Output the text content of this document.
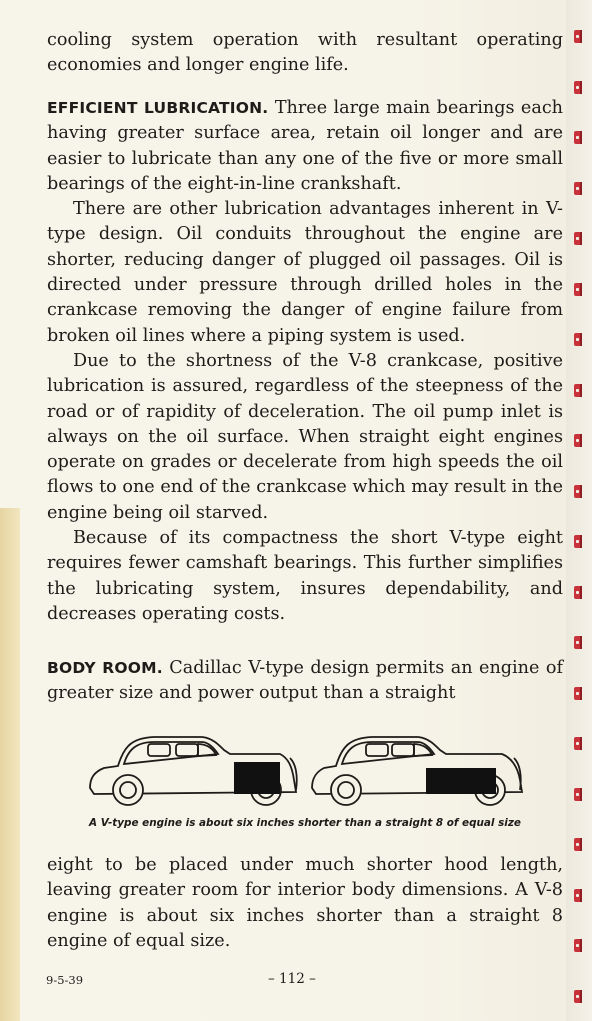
cooling system operation with resultant operating economies and longer engine life.

EFFICIENT LUBRICATION. Three large main bearings each having greater surface area, retain oil longer and are easier to lubricate than any one of the five or more small bearings of the eight-in-line crankshaft.

There are other lubrication advantages inherent in V-type design. Oil conduits throughout the engine are shorter, reducing danger of plugged oil passages. Oil is directed under pressure through drilled holes in the crankcase removing the danger of engine failure from broken oil lines where a piping system is used.

Due to the shortness of the V-8 crankcase, positive lubrication is assured, regardless of the steepness of the road or of rapidity of deceleration. The oil pump inlet is always on the oil surface. When straight eight engines operate on grades or decelerate from high speeds the oil flows to one end of the crankcase which may result in the engine being oil starved.

Because of its compactness the short V-type eight requires fewer camshaft bearings. This further simplifies the lubricating system, insures dependability, and decreases operating costs.

BODY ROOM. Cadillac V-type design permits an engine of greater size and power output than a straight

A V-type engine is about six inches shorter than a straight 8 of equal size

eight to be placed under much shorter hood length, leaving greater room for interior body dimensions. A V-8 engine is about six inches shorter than a straight 8 engine of equal size.

9-5-39	– 112 –
